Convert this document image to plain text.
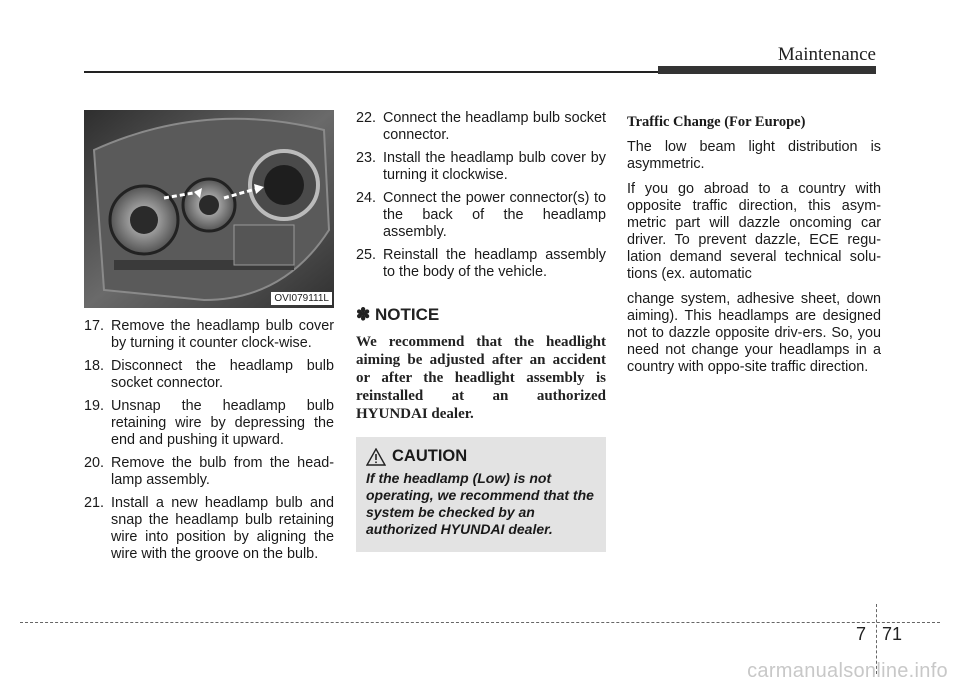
Maintenance
OVI079111L
17. Remove the headlamp bulb cover by turning it counter clock-wise.
18. Disconnect the headlamp bulb socket connector.
19. Unsnap the headlamp bulb retaining wire by depressing the end and pushing it upward.
20. Remove the bulb from the head-lamp assembly.
21. Install a new headlamp bulb and snap the headlamp bulb retaining wire into position by aligning the wire with the groove on the bulb.
22. Connect the headlamp bulb socket connector.
23. Install the headlamp bulb cover by turning it clockwise.
24. Connect the power connector(s) to the back of the headlamp assembly.
25. Reinstall the headlamp assembly to the body of the vehicle.
✽ NOTICE
We recommend that the headlight aiming be adjusted after an accident or after the headlight assembly is reinstalled at an authorized HYUNDAI dealer.
CAUTION
If the headlamp (Low) is not operating, we recommend that the system be checked by an authorized HYUNDAI dealer.
Traffic Change (For Europe)
The low beam light distribution is asymmetric.
If you go abroad to a country with opposite traffic direction, this asym-metric part will dazzle oncoming car driver. To prevent dazzle, ECE regu-lation demand several technical solu-tions (ex. automatic
change system, adhesive sheet, down aiming). This headlamps are designed not to dazzle opposite driv-ers. So, you need not change your headlamps in a country with oppo-site traffic direction.
7 71
carmanualsonline.info
